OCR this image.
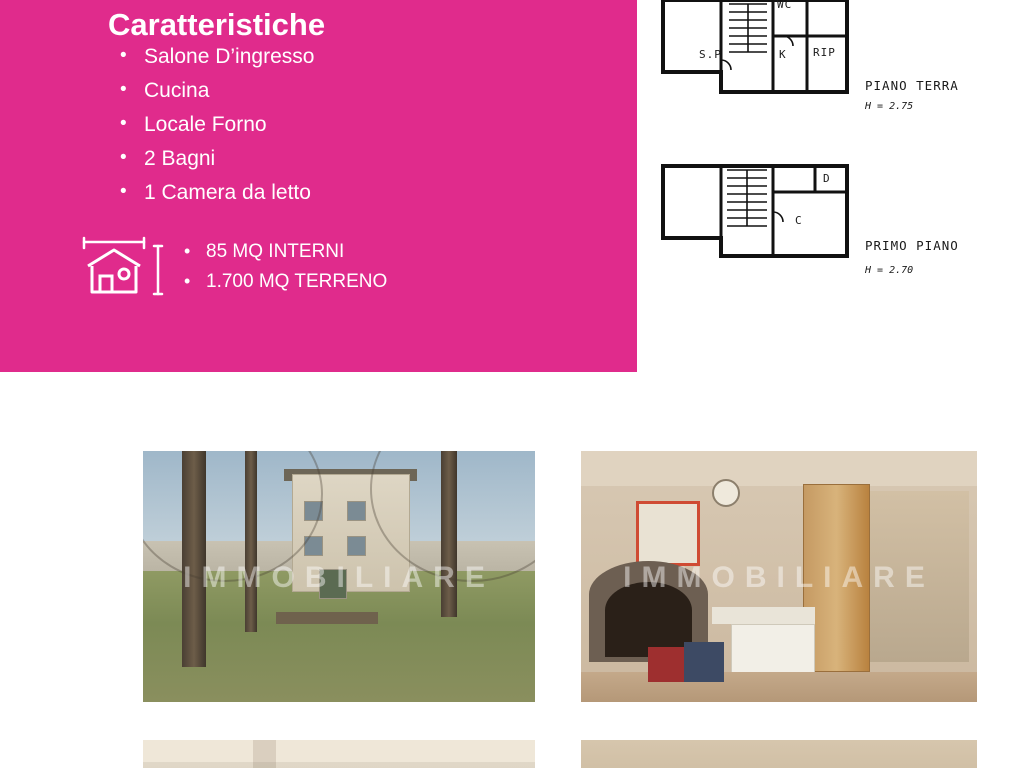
Caratteristiche
• Salone D’ingresso
• Cucina
• Locale Forno
• 2 Bagni
• 1 Camera da letto
• 85 MQ INTERNI
• 1.700 MQ TERRENO
S.P	K RIP
WC
PIANO TERRA
H = 2.75
C
D
PRIMO PIANO
H = 2.70
IMMOBILIARE	IMMOBILIARE
